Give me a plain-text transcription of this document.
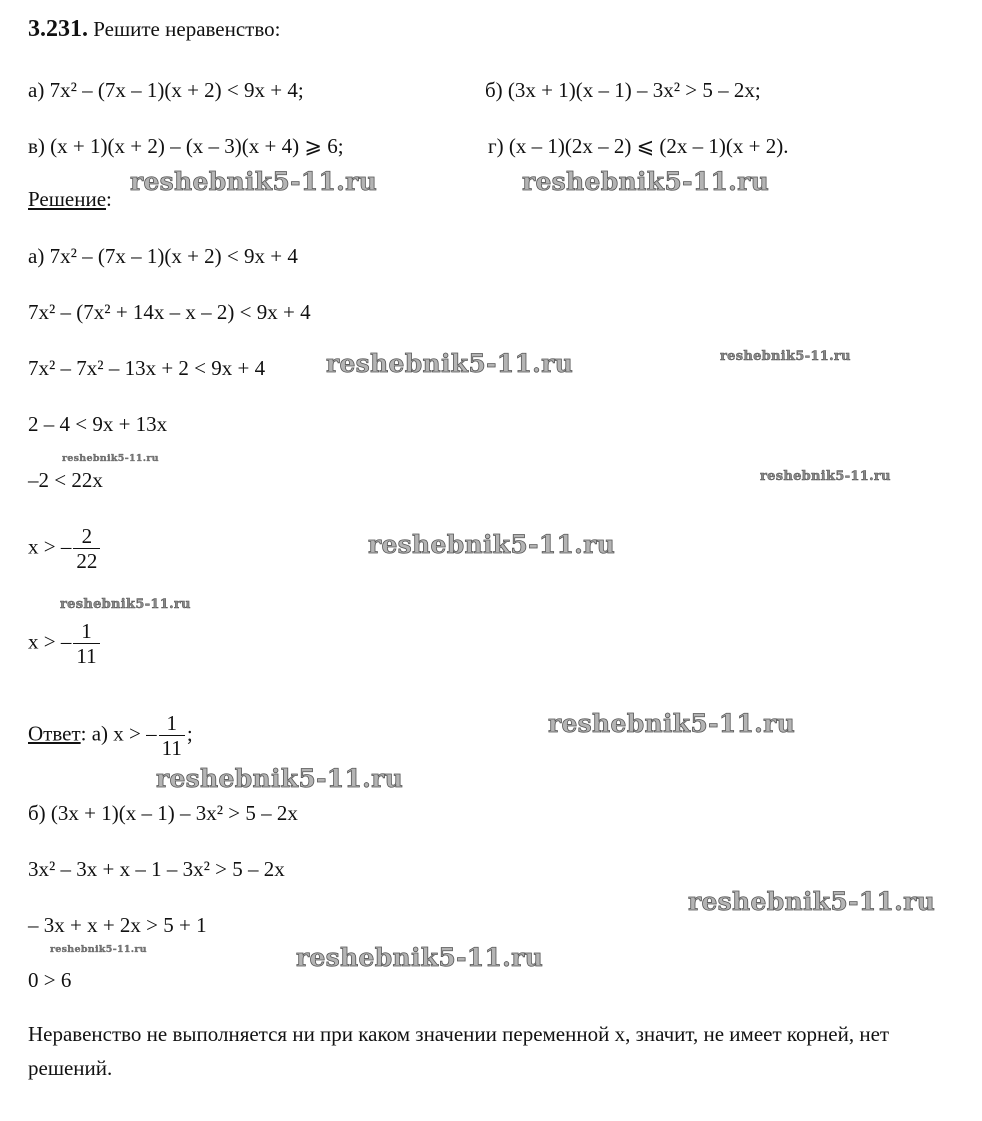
3.231. Решите неравенство:
а) 7x² – (7x – 1)(x + 2) < 9x + 4;	б) (3x + 1)(x – 1) – 3x² > 5 – 2x;
в) (x + 1)(x + 2) – (x – 3)(x + 4) ⩾ 6;	г) (x – 1)(2x – 2) ⩽ (2x – 1)(x + 2).
Решение:
а) 7x² – (7x – 1)(x + 2) < 9x + 4
7x² – (7x² + 14x – x – 2) < 9x + 4
7x² – 7x² – 13x + 2 < 9x + 4
2 – 4 < 9x + 13x
–2 < 22x
x > – $\frac{2}{22}$
x > – $\frac{1}{11}$
Ответ: а) x > – $\frac{1}{11}$ ;
б) (3x + 1)(x – 1) – 3x² > 5 – 2x
3x² – 3x + x – 1 – 3x² > 5 – 2x
– 3x + x + 2x > 5 + 1
0 > 6
Неравенство не выполняется ни при каком значении переменной x, значит, не имеет корней, нет решений.
reshebnik5-11.ru	reshebnik5-11.ru
reshebnik5-11.ru	reshebnik5-11.ru
reshebnik5-11.ru
reshebnik5-11.ru
reshebnik5-11.ru
reshebnik5-11.ru
reshebnik5-11.ru
reshebnik5-11.ru
reshebnik5-11.ru
reshebnik5-11.ru	reshebnik5-11.ru
